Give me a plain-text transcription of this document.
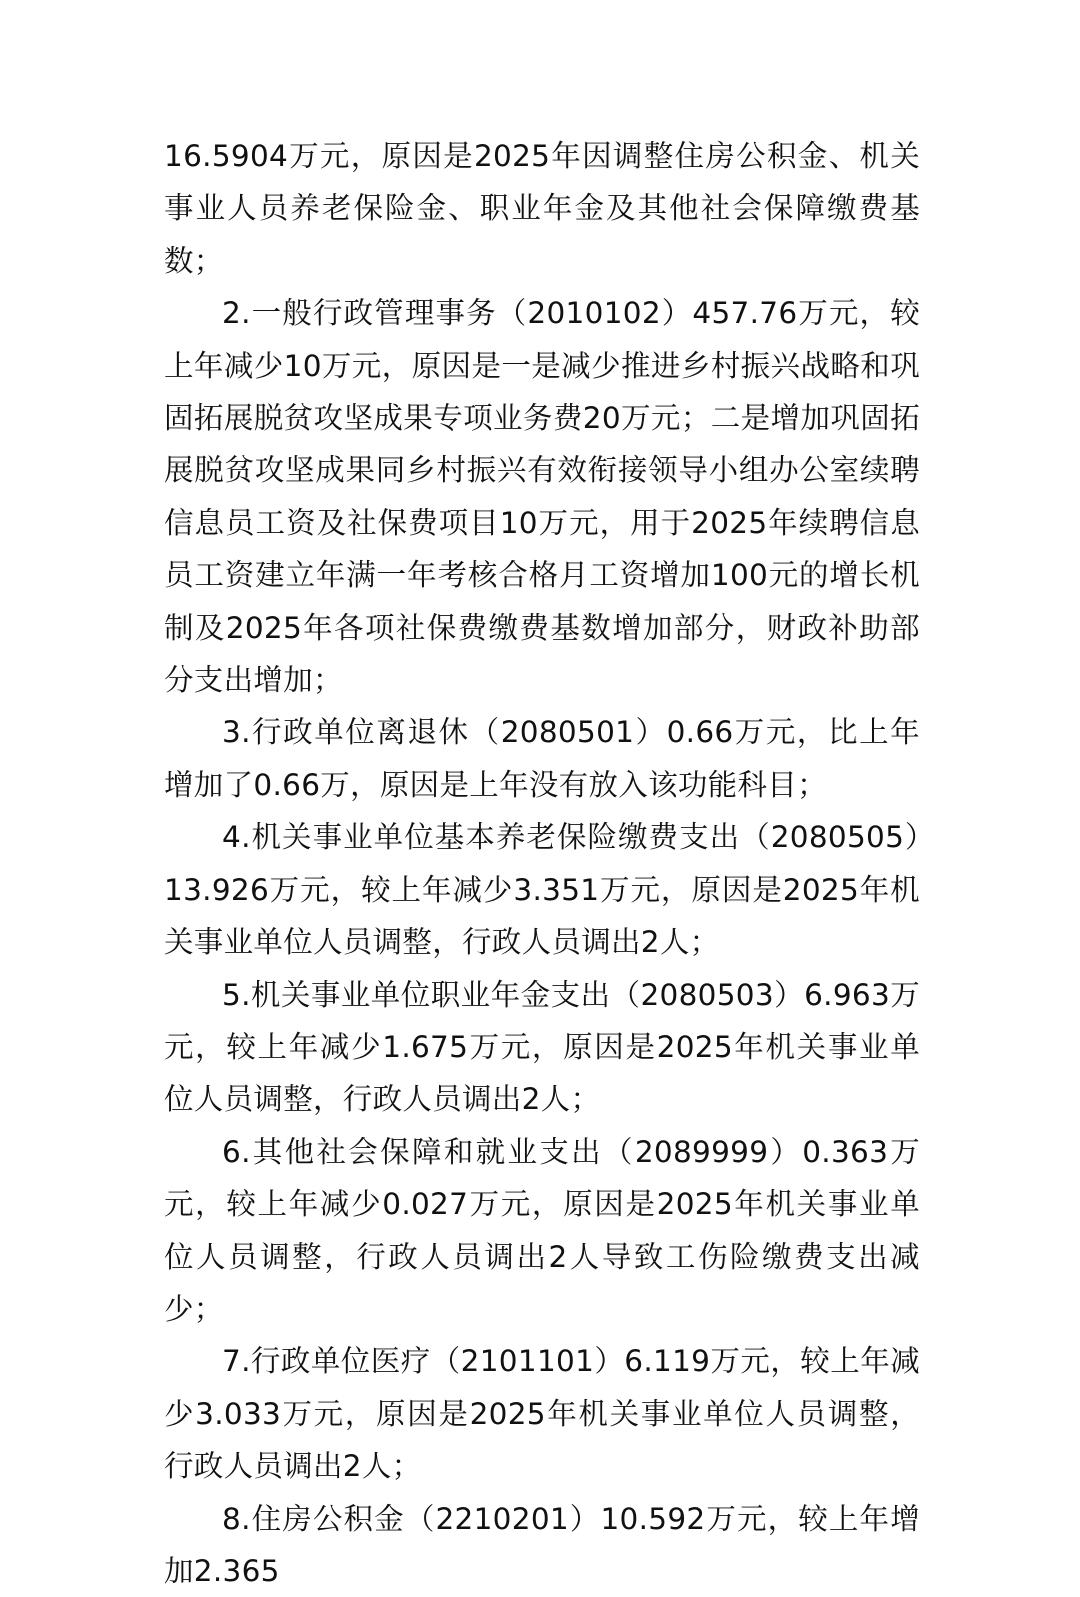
16.5904万元，原因是2025年因调整住房公积金、机关事业人员养老保险金、职业年金及其他社会保障缴费基数；

2.一般行政管理事务（2010102）457.76万元，较上年减少10万元，原因是一是减少推进乡村振兴战略和巩固拓展脱贫攻坚成果专项业务费20万元；二是增加巩固拓展脱贫攻坚成果同乡村振兴有效衔接领导小组办公室续聘信息员工资及社保费项目10万元，用于2025年续聘信息员工资建立年满一年考核合格月工资增加100元的增长机制及2025年各项社保费缴费基数增加部分，财政补助部分支出增加；

3.行政单位离退休（2080501）0.66万元，比上年增加了0.66万，原因是上年没有放入该功能科目；

4.机关事业单位基本养老保险缴费支出（2080505）13.926万元，较上年减少3.351万元，原因是2025年机关事业单位人员调整，行政人员调出2人；

5.机关事业单位职业年金支出（2080503）6.963万元，较上年减少1.675万元，原因是2025年机关事业单位人员调整，行政人员调出2人；

6.其他社会保障和就业支出（2089999）0.363万元，较上年减少0.027万元，原因是2025年机关事业单位人员调整，行政人员调出2人导致工伤险缴费支出减少；

7.行政单位医疗（2101101）6.119万元，较上年减少3.033万元，原因是2025年机关事业单位人员调整，行政人员调出2人；

8.住房公积金（2210201）10.592万元，较上年增加2.365
